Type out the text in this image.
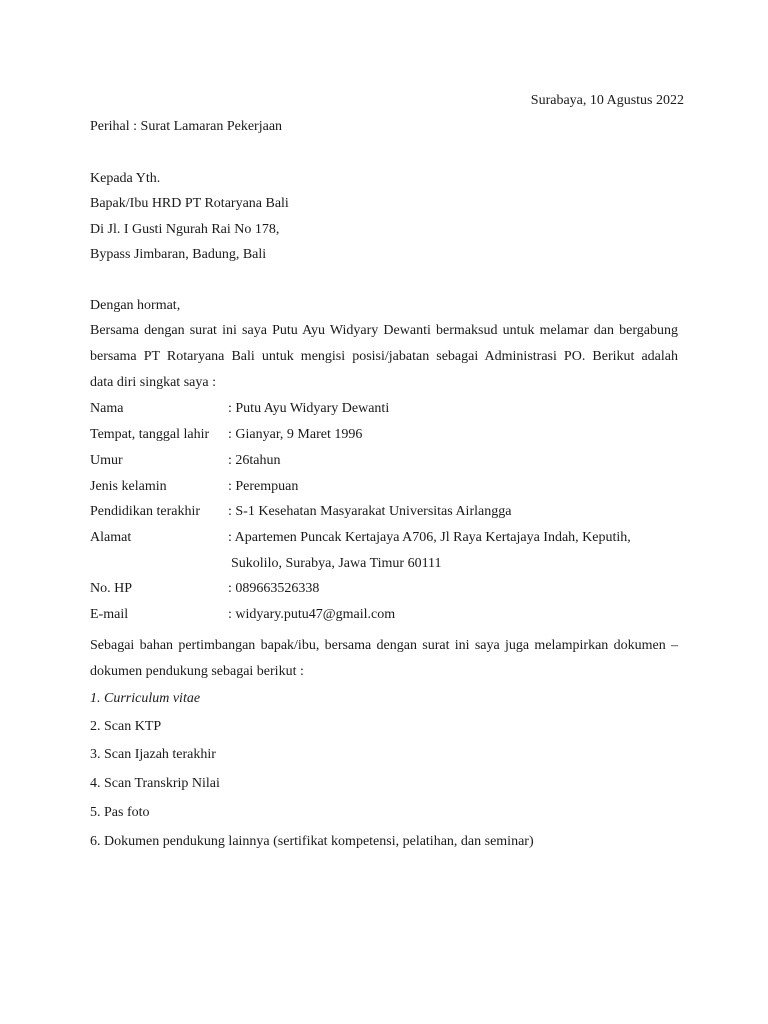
Surabaya, 10 Agustus 2022
Perihal : Surat Lamaran Pekerjaan
Kepada Yth.
Bapak/Ibu HRD PT Rotaryana Bali
Di Jl. I Gusti Ngurah Rai No 178,
Bypass Jimbaran, Badung, Bali
Dengan hormat,
Bersama dengan surat ini saya Putu Ayu Widyary Dewanti bermaksud untuk melamar dan bergabung
bersama PT Rotaryana Bali untuk mengisi posisi/jabatan sebagai Administrasi PO. Berikut adalah
data diri singkat saya :
Nama	: Putu Ayu Widyary Dewanti
Tempat, tanggal lahir : Gianyar, 9 Maret 1996
Umur	: 26tahun
Jenis kelamin	: Perempuan
Pendidikan terakhir : S-1 Kesehatan Masyarakat Universitas Airlangga
Alamat	: Apartemen Puncak Kertajaya A706, Jl Raya Kertajaya Indah, Keputih,
Sukolilo, Surabya, Jawa Timur 60111
No. HP	: 089663526338
E-mail	: widyary.putu47@gmail.com
Sebagai bahan pertimbangan bapak/ibu, bersama dengan surat ini saya juga melampirkan dokumen –
dokumen pendukung sebagai berikut :
1. Curriculum vitae
2. Scan KTP
3. Scan Ijazah terakhir
4. Scan Transkrip Nilai
5. Pas foto
6. Dokumen pendukung lainnya (sertifikat kompetensi, pelatihan, dan seminar)
